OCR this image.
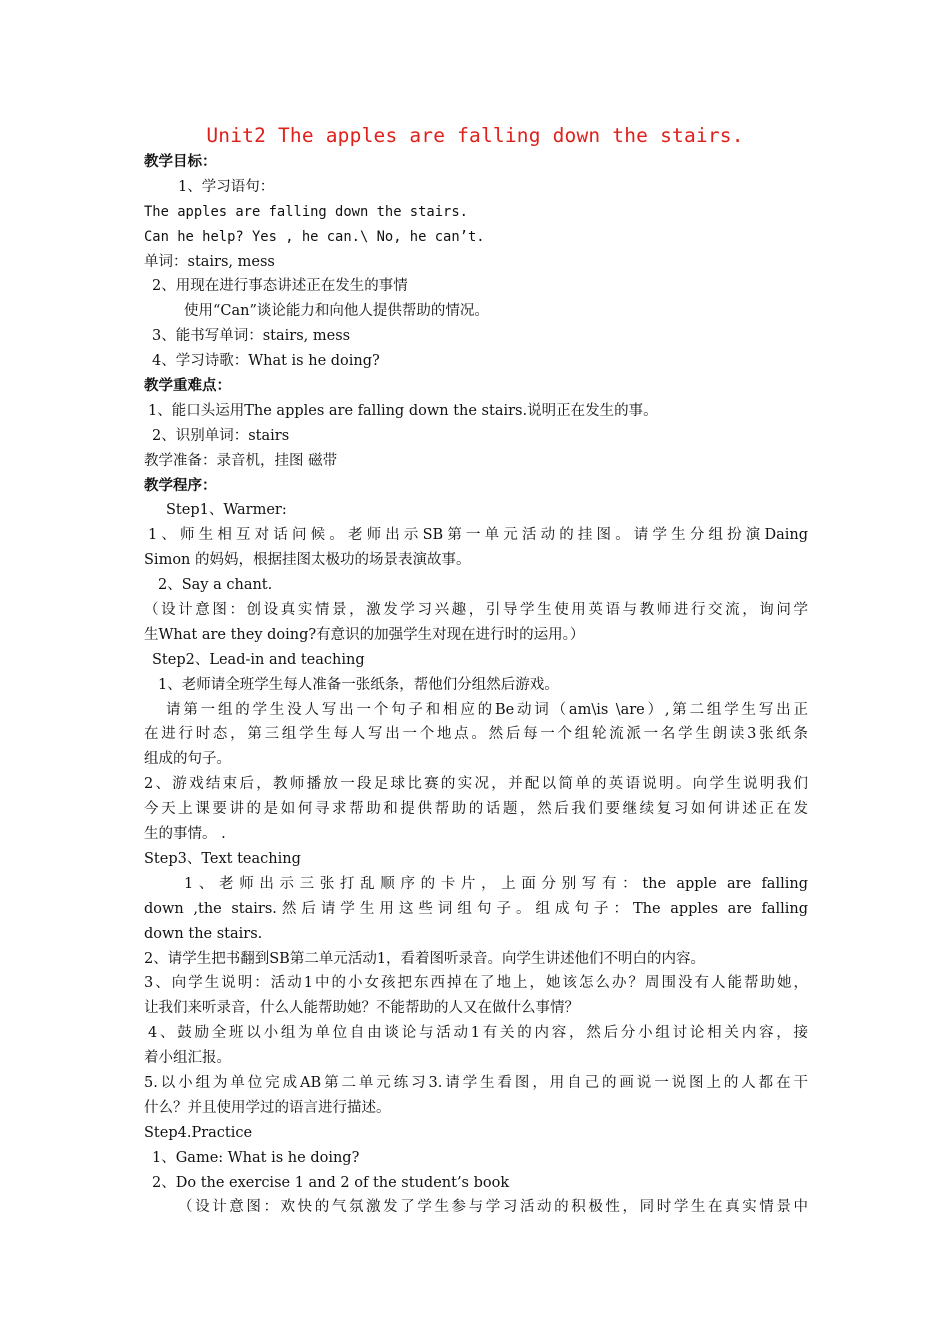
Unit2 The apples are falling down the stairs.
教学目标：
1、学习语句：
The apples are falling down the stairs.
Can he help? Yes , he can.\ No, he can’t.
单词：stairs, mess
2、用现在进行事态讲述正在发生的事情
使用“Can”谈论能力和向他人提供帮助的情况。
3、能书写单词：stairs, mess
4、学习诗歌：What is he doing?
教学重难点：
1、能口头运用The apples are falling down the stairs.说明正在发生的事。
2、识别单词：stairs
教学准备：录音机，挂图 磁带
教学程序：
Step1、Warmer:
1、师生相互对话问候。老师出示SB第一单元活动的挂图。请学生分组扮演Daing
Simon 的妈妈，根据挂图太极功的场景表演故事。
2、Say a chant.
（设计意图：创设真实情景，激发学习兴趣，引导学生使用英语与教师进行交流，询问学
生What are they doing?有意识的加强学生对现在进行时的运用。）
Step2、Lead-in and teaching
1、老师请全班学生每人准备一张纸条，帮他们分组然后游戏。
请第一组的学生没人写出一个句子和相应的Be动词（am\is \are）,第二组学生写出正
在进行时态，第三组学生每人写出一个地点。然后每一个组轮流派一名学生朗读3张纸条
组成的句子。
2、游戏结束后，教师播放一段足球比赛的实况，并配以简单的英语说明。向学生说明我们
今天上课要讲的是如何寻求帮助和提供帮助的话题，然后我们要继续复习如何讲述正在发
生的事情。 .
Step3、Text teaching
1、老师出示三张打乱顺序的卡片，上面分别写有：the apple are falling
down ,the stairs.然后请学生用这些词组句子。组成句子：The apples are falling
down the stairs.
2、请学生把书翻到SB第二单元活动1，看着图听录音。向学生讲述他们不明白的内容。
3、向学生说明：活动1中的小女孩把东西掉在了地上，她该怎么办？周围没有人能帮助她，
让我们来听录音，什么人能帮助她？不能帮助的人又在做什么事情？
4、鼓励全班以小组为单位自由谈论与活动1有关的内容，然后分小组讨论相关内容，接
着小组汇报。
5.以小组为单位完成AB第二单元练习3.请学生看图，用自己的画说一说图上的人都在干
什么？并且使用学过的语言进行描述。
Step4.Practice
1、Game: What is he doing?
2、Do the exercise 1 and 2 of the student’s book
（设计意图：欢快的气氛激发了学生参与学习活动的积极性，同时学生在真实情景中
